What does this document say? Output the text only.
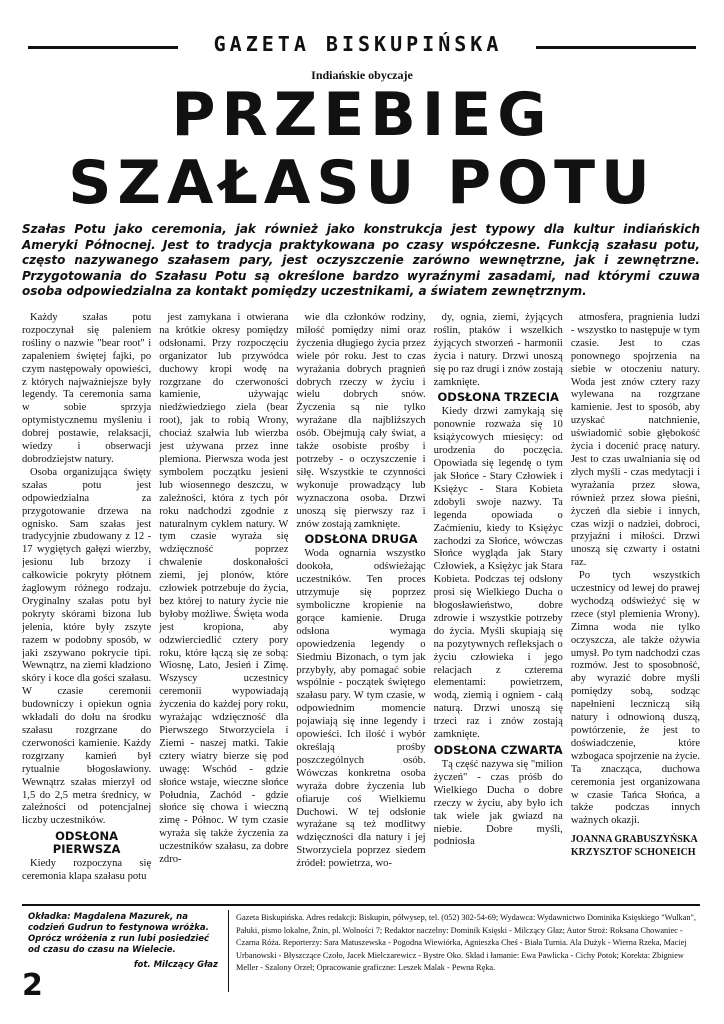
GAZETA BISKUPIŃSKA
Indiańskie obyczaje
PRZEBIEG
SZAŁASU POTU
Szałas Potu jako ceremonia, jak również jako konstrukcja jest typowy dla kultur indiańskich Ameryki Północnej. Jest to tradycja praktykowana po czasy współczesne. Funkcją szałasu potu, często nazywanego szałasem pary, jest oczyszczenie zarówno wewnętrzne, jak i zewnętrzne. Przygotowania do Szałasu Potu są określone bardzo wyraźnymi zasadami, nad którymi czuwa osoba odpowiedzialna za kontakt pomiędzy uczestnikami, a światem zewnętrznym.

Każdy szałas potu rozpoczynał się paleniem rośliny o nazwie "bear root" i zapaleniem świętej fajki, po czym następowały opowieści, z których najważniejsze były legendy. Ta ceremonia sama w sobie sprzyja optymistycznemu myśleniu i dobrej postawie, relaksacji, wiedzy i obserwacji dobrodziejstw natury.

Osoba organizująca święty szałas potu jest odpowiedzialna za przygotowanie drzewa na ognisko. Sam szałas jest tradycyjnie zbudowany z 12 - 17 wygiętych gałęzi wierzby, jesionu lub brzozy i całkowicie pokryty płótnem żaglowym różnego rodzaju. Oryginalny szałas potu był pokryty skórami bizona lub jelenia, które były zszyte razem w podobny sposób, w jaki zszywano pokrycie tipi. Wewnątrz, na ziemi kładziono skóry i koce dla gości szałasu. W czasie ceremonii budowniczy i opiekun ognia wkładali do dołu na środku szałasu rozgrzane do czerwoności kamienie. Każdy rozgrzany kamień był rytualnie błogosławiony. Wewnątrz szałas mierzył od 1,5 do 2,5 metra średnicy, w zależności od potencjalnej liczby uczestników.

ODSŁONA PIERWSZA

Kiedy rozpoczyna się ceremonia klapa szałasu potu

jest zamykana i otwierana na krótkie okresy pomiędzy odsłonami. Przy rozpoczęciu organizator lub przywódca duchowy kropi wodę na rozgrzane do czerwoności kamienie, używając niedźwiedziego ziela (bear root), jak to robią Wrony, chociaż szałwia lub wierzba jest używana przez inne plemiona. Pierwsza woda jest symbolem początku jesieni lub wiosennego deszczu, w zależności, która z tych pór roku nadchodzi zgodnie z naturalnym cyklem natury. W tym czasie wyraża się wdzięczność poprzez chwalenie doskonałości ziemi, jej plonów, które człowiek potrzebuje do życia, bez której to natury życie nie byłoby możliwe. Święta woda jest kropiona, aby odzwierciedlić cztery pory roku, które łączą się ze sobą: Wiosnę, Lato, Jesień i Zimę. Wszyscy uczestnicy ceremonii wypowiadają życzenia do każdej pory roku, wyrażając wdzięczność dla Pierwszego Stworzyciela i Ziemi - naszej matki. Takie cztery wiatry bierze się pod uwagę: Wschód - gdzie słońce wstaje, wieczne słońce Południa, Zachód - gdzie słońce się chowa i wieczną zimę - Północ. W tym czasie wyraża się także życzenia za uczestników szałasu, za dobre zdro-

wie dla członków rodziny, miłość pomiędzy nimi oraz życzenia długiego życia przez wiele pór roku. Jest to czas wyrażania dobrych pragnień dobrych rzeczy w życiu i wielu dobrych snów. Życzenia są nie tylko wyrażane dla najbliższych osób. Obejmują cały świat, a także osobiste prośby i potrzeby - o oczyszczenie i siłę. Wszystkie te czynności wykonuje prowadzący lub wyznaczona osoba. Drzwi unoszą się pierwszy raz i znów zostają zamknięte.

ODSŁONA DRUGA

Woda ognarnia wszystko dookoła, odświeżając uczestników. Ten proces utrzymuje się poprzez symboliczne kropienie na gorące kamienie. Druga odsłona wymaga opowiedzenia legendy o Siedmiu Bizonach, o tym jak przybyły, aby pomagać sobie wspólnie - początek świętego szałasu pary. W tym czasie, w odpowiednim momencie pojawiają się inne legendy i opowieści. Ich ilość i wybór określają prośby poszczególnych osób. Wówczas konkretna osoba wyraża dobre życzenia lub ofiaruje coś Wielkiemu Duchowi. W tej odsłonie wyrażane są też modlitwy wdzięczności dla natury i jej Stworzyciela poprzez siedem źródeł: powietrza, wo-

dy, ognia, ziemi, żyjących roślin, ptaków i wszelkich żyjących stworzeń - harmonii życia i natury. Drzwi unoszą się po raz drugi i znów zostają zamknięte.

ODSŁONA TRZECIA

Kiedy drzwi zamykają się ponownie rozważa się 10 książycowych miesięcy: od urodzenia do poczęcia. Opowiada się legendę o tym jak Słońce - Stary Człowiek i Księżyc - Stara Kobieta zdobyli swoje nazwy. Ta legenda opowiada o Zaćmieniu, kiedy to Księżyc zachodzi za Słońce, wówczas Słońce wygląda jak Stary Człowiek, a Księżyc jak Stara Kobieta. Podczas tej odsłony prosi się Wielkiego Ducha o błogosławieństwo, dobre zdrowie i wszystkie potrzeby do życia. Myśli skupiają się na pozytywnych refleksjach o życiu człowieka i jego relacjach z czterema elementami: powietrzem, wodą, ziemią i ogniem - całą naturą. Drzwi unoszą się trzeci raz i znów zostają zamknięte.

ODSŁONA CZWARTA

Tą część nazywa się "milion życzeń" - czas próśb do Wielkiego Ducha o dobre rzeczy w życiu, aby było ich tak wiele jak gwiazd na niebie. Dobre myśli, podniosła

atmosfera, pragnienia ludzi - wszystko to następuje w tym czasie. Jest to czas ponownego spojrzenia na siebie w otoczeniu natury. Woda jest znów cztery razy wylewana na rozgrzane kamienie. Jest to sposób, aby uzyskać natchnienie, uświadomić sobie głębokość życia i docenić pracę natury. Jest to czas uwalniania się od złych myśli - czas medytacji i wyrażania przez słowa, również przez słowa pieśni, życzeń dla siebie i innych, czas wizji o nadziei, dobroci, przyjaźni i miłości. Drzwi unoszą się czwarty i ostatni raz.

Po tych wszystkich uczestnicy od lewej do prawej wychodzą odświeżyć się w rzece (styl plemienia Wrony). Zimna woda nie tylko oczyszcza, ale także ożywia umysł. Po tym nadchodzi czas rozmów. Jest to sposobność, aby wyrazić dobre myśli pomiędzy sobą, sodząc napełnieni leczniczą siłą natury i odnowioną duszą, powtórzenie, że jest to doświadczenie, które wzbogaca spojrzenie na życie. Ta znacząca, duchowa ceremonia jest organizowana w czasie Tańca Słońca, a także podczas innych ważnych okazji.

JOANNA GRABUSZYŃSKA

KRZYSZTOF SCHONEICH

Okładka: Magdalena Mazurek, na codzień Gudrun to festynowa wróżka. Oprócz wróżenia z run lubi posiedzieć od czasu do czasu na Wielecie.
fot. Milczący Głaz
Gazeta Biskupińska. Adres redakcji: Biskupin, półwysep, tel. (052) 302-54-69; Wydawca: Wydawnictwo Dominika Księskiego "Wulkan", Pałuki, pismo lokalne, Żnin, pl. Wolności 7; Redaktor naczelny: Dominik Księski - Milczący Głaz; Autor Stroż: Roksana Chowaniec - Czarna Róża. Reporterzy: Sara Matuszewska - Pogodna Wiewiórka, Agnieszka Cheś - Biała Turnia. Ala Dużyk - Wierna Rzeka, Maciej Urbanowski - Błyszczące Czoło, Jacek Mielczarewicz - Bystre Oko. Skład i łamanie: Ewa Pawlicka - Cichy Potok; Korekta: Zbigniew Meller - Szalony Orzeł; Opracowanie graficzne: Leszek Malak - Pewna Ręka.
2
